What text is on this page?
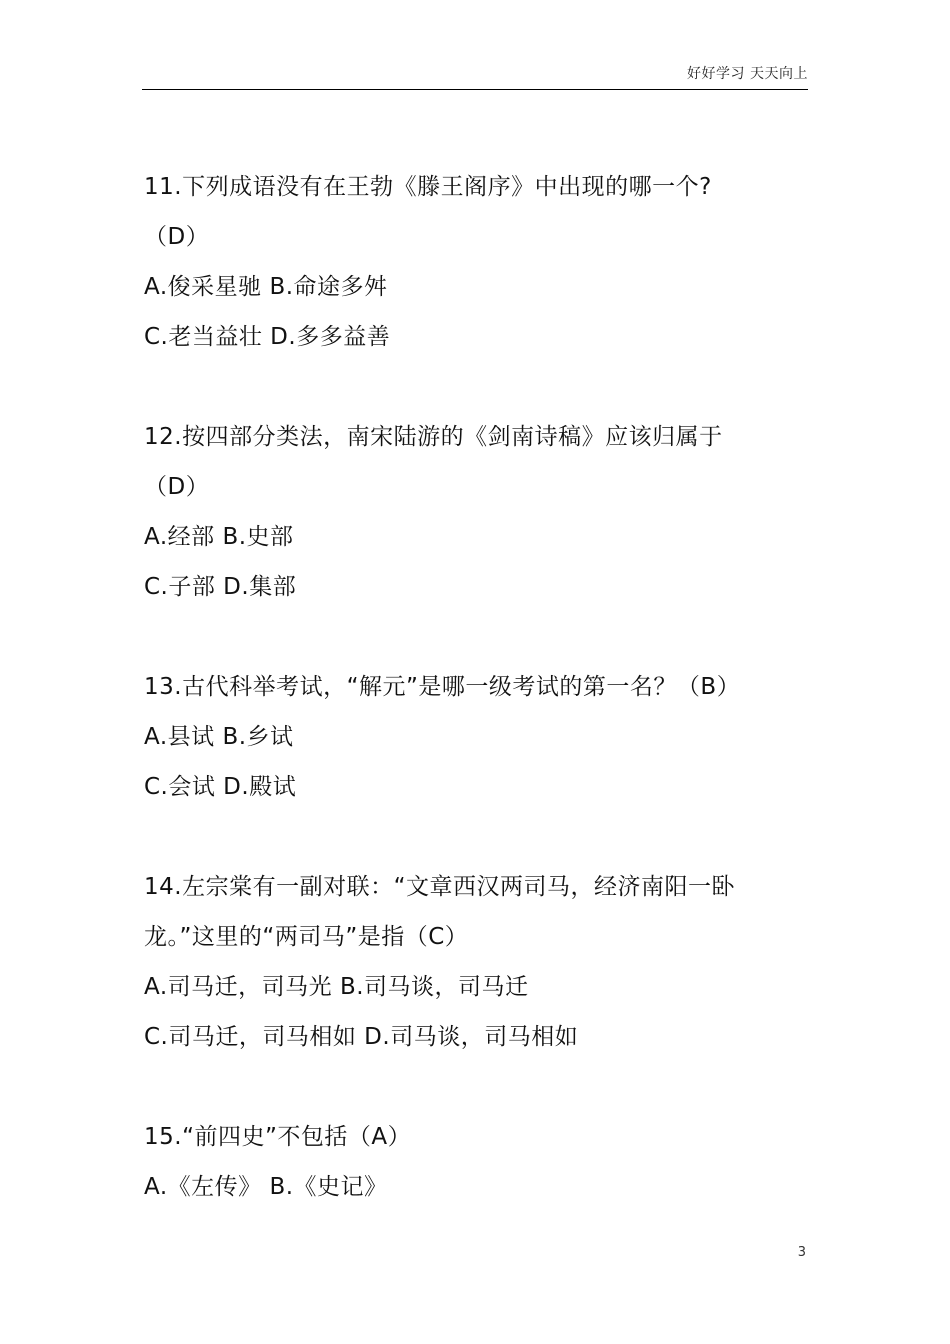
好好学习 天天向上
11.下列成语没有在王勃《滕王阁序》中出现的哪一个?
（D）
A.俊采星驰 B.命途多舛
C.老当益壮 D.多多益善
12.按四部分类法，南宋陆游的《剑南诗稿》应该归属于
（D）
A.经部 B.史部
C.子部 D.集部
13.古代科举考试，“解元”是哪一级考试的第一名？（B）
A.县试 B.乡试
C.会试 D.殿试
14.左宗棠有一副对联：“文章西汉两司马，经济南阳一卧
龙。”这里的“两司马”是指（C）
A.司马迁，司马光 B.司马谈，司马迁
C.司马迁，司马相如 D.司马谈，司马相如
15.“前四史”不包括（A）
A.《左传》 B.《史记》
3
